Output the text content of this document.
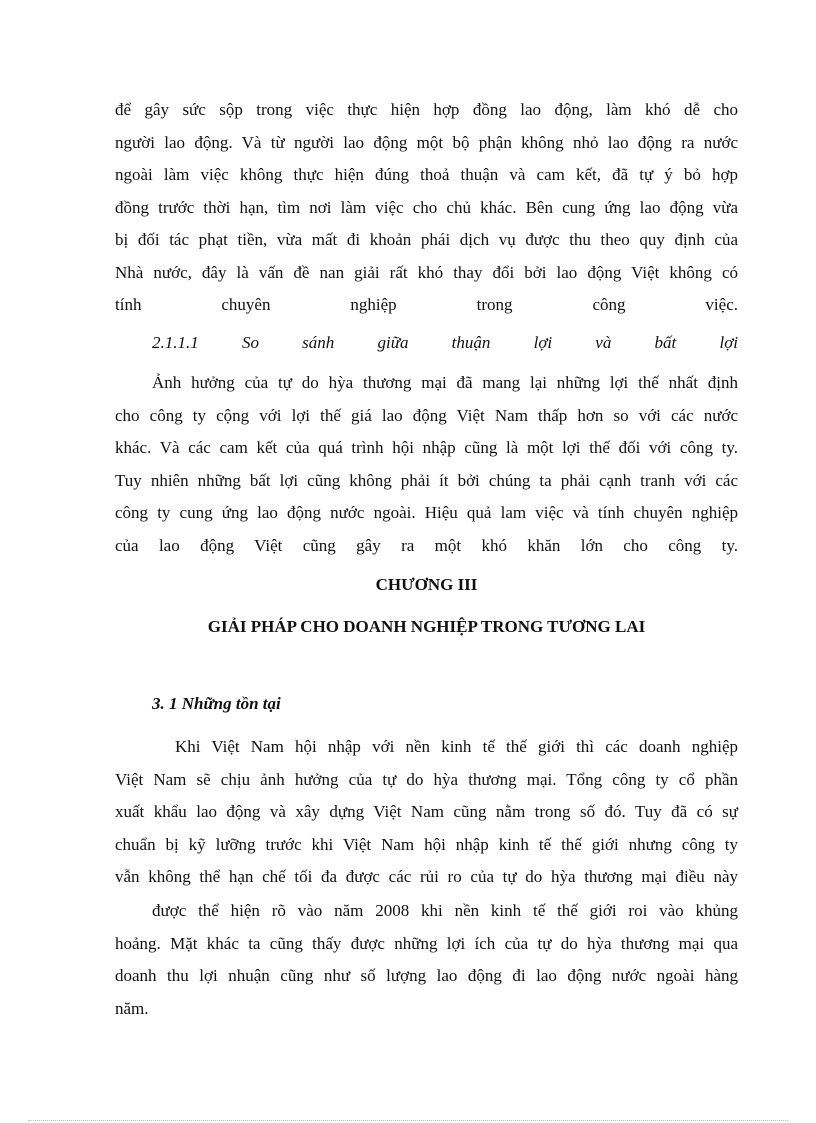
để gây sức sộp trong việc thực hiện hợp đồng lao động, làm khó dễ cho
người lao động. Và từ người lao động một bộ phận không nhỏ lao động ra nước
ngoài làm việc không thực hiện đúng thoả thuận và cam kết, đã tự ý bỏ hợp
đồng trước thời hạn, tìm nơi làm việc cho chủ khác. Bên cung ứng lao động vừa
bị đối tác phạt tiền, vừa mất đi khoản phái dịch vụ được thu theo quy định của
Nhà nước, đây là vấn đề nan giải rất khó thay đổi bởi lao động Việt không có
tính chuyên nghiệp trong công việc.
2.1.1.1 So sánh giữa thuận lợi và bất lợi
Ảnh hưởng của tự do hỳa thương mại đã mang lại những lợi thế nhất định
cho công ty cộng với lợi thế giá lao động Việt Nam thấp hơn so với các nước
khác. Và các cam kết của quá trình hội nhập cũng là một lợi thế đối với công ty.
Tuy nhiên những bất lợi cũng không phải ít bởi chúng ta phải cạnh tranh với các
công ty cung ứng lao động nước ngoài. Hiệu quả lam việc và tính chuyên nghiệp
của lao động Việt cũng gây ra một khó khăn lớn cho công ty.

CHƯƠNG III

GIẢI PHÁP CHO DOANH NGHIỆP TRONG TƯƠNG LAI

3. 1 Những tồn tại

Khi Việt Nam hội nhập với nền kinh tế thế giới thì các doanh nghiệp
Việt Nam sẽ chịu ảnh hưởng của tự do hỳa thương mại. Tổng công ty cổ phần
xuất khẩu lao động và xây dựng Việt Nam cũng nằm trong số đó. Tuy đã có sự
chuẩn bị kỹ lưỡng trước khi Việt Nam hội nhập kinh tế thế giới nhưng công ty
vẫn không thể hạn chế tối đa được các rủi ro của tự do hỳa thương mại điều này
được thể hiện rõ vào năm 2008 khi nền kinh tế thế giới roi vào khủng
hoảng. Mặt khác ta cũng thấy được những lợi ích của tự do hỳa thương mại qua
doanh thu lợi nhuận cũng như số lượng lao động đi lao động nước ngoài hàng
năm.
